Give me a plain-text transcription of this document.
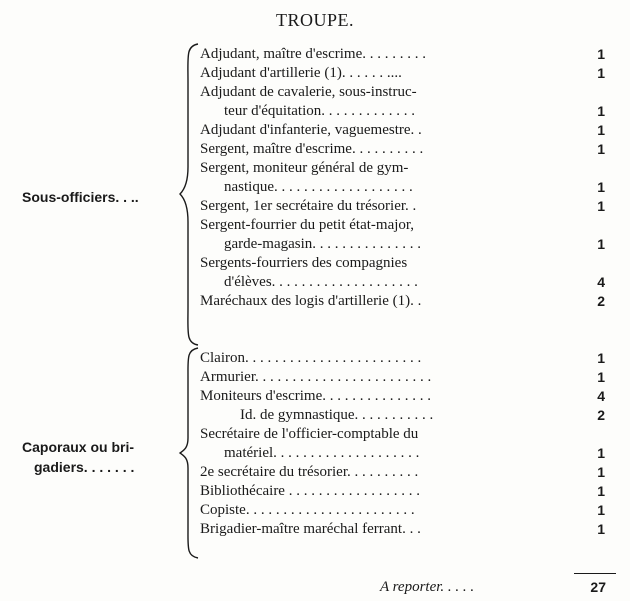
TROUPE.
Sous-officiers. . ..
Adjudant, maître d'escrime. . . . . . . . .	1
Adjudant d'artillerie (1). . . . . . ....	1
Adjudant de cavalerie, sous-instruc-
teur d'équitation. . . . . . . . . . . . .	1
Adjudant d'infanterie, vaguemestre. .	1
Sergent, maître d'escrime. . . . . . . . . .	1
Sergent, moniteur général de gym-
nastique. . . . . . . . . . . . . . . . . . .	1
Sergent, 1er secrétaire du trésorier. .	1
Sergent-fourrier du petit état-major,
garde-magasin. . . . . . . . . . . . . . .	1
Sergents-fourriers des compagnies
d'élèves. . . . . . . . . . . . . . . . . . . .	4
Maréchaux des logis d'artillerie (1). .	2
Caporaux ou bri-
gadiers. . . . . . .
Clairon. . . . . . . . . . . . . . . . . . . . . . . .	1
Armurier. . . . . . . . . . . . . . . . . . . . . . . .	1
Moniteurs d'escrime. . . . . . . . . . . . . . .	4
Id. de gymnastique. . . . . . . . . . .	2
Secrétaire de l'officier-comptable du
matériel. . . . . . . . . . . . . . . . . . . .	1
2e secrétaire du trésorier. . . . . . . . . .	1
Bibliothécaire . . . . . . . . . . . . . . . . . .	1
Copiste. . . . . . . . . . . . . . . . . . . . . . .	1
Brigadier-maître maréchal ferrant. . .	1
A reporter. . . . .	27
